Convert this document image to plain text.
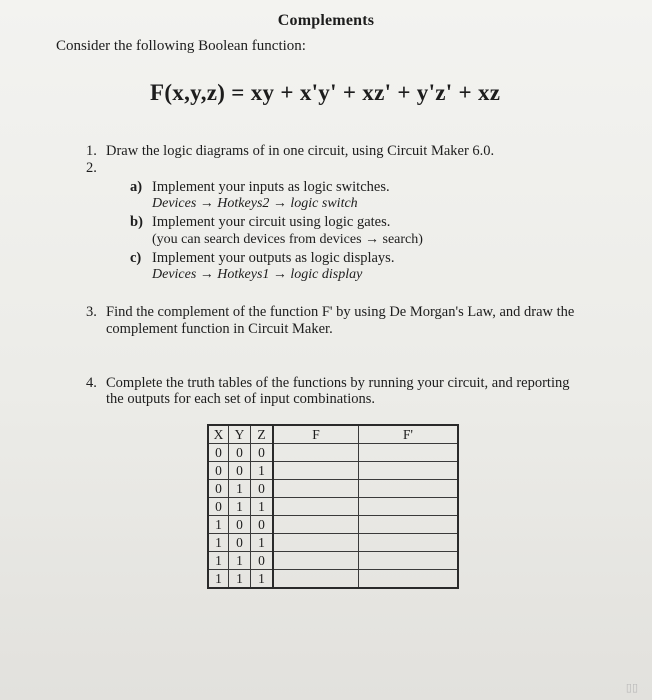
Complements
Consider the following Boolean function:
F(x,y,z) = xy + x'y' + xz' + y'z' + xz
1. Draw the logic diagrams of in one circuit, using Circuit Maker 6.0.
2.
a) Implement your inputs as logic switches.
Devices → Hotkeys2 → logic switch
b) Implement your circuit using logic gates.
(you can search devices from devices → search)
c) Implement your outputs as logic displays.
Devices → Hotkeys1 → logic display
3. Find the complement of the function F' by using De Morgan's Law, and draw the
complement function in Circuit Maker.
4. Complete the truth tables of the functions by running your circuit, and reporting
the outputs for each set of input combinations.
X	Y	Z	F	F'
0	0	0		
0	0	1		
0	1	0		
0	1	1		
1	0	0		
1	0	1		
1	1	0		
1	1	1		
▯▯
